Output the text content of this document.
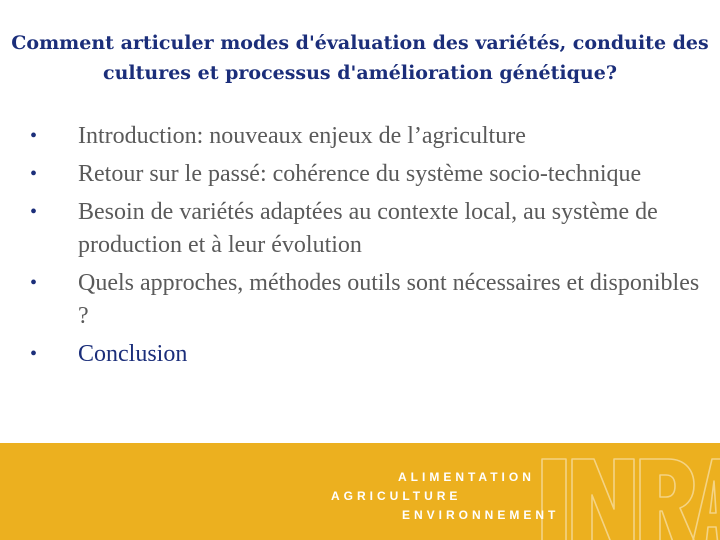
Comment articuler modes d'évaluation des variétés, conduite des cultures et processus d'amélioration génétique?
•	Introduction: nouveaux enjeux de l’agriculture
•	Retour sur le passé: cohérence du système socio-technique
•	Besoin de variétés adaptées au contexte local, au système de production et à leur évolution
•	Quels approches, méthodes outils sont nécessaires et disponibles ?
•	Conclusion
ALIMENTATION
AGRICULTURE
ENVIRONNEMENT
